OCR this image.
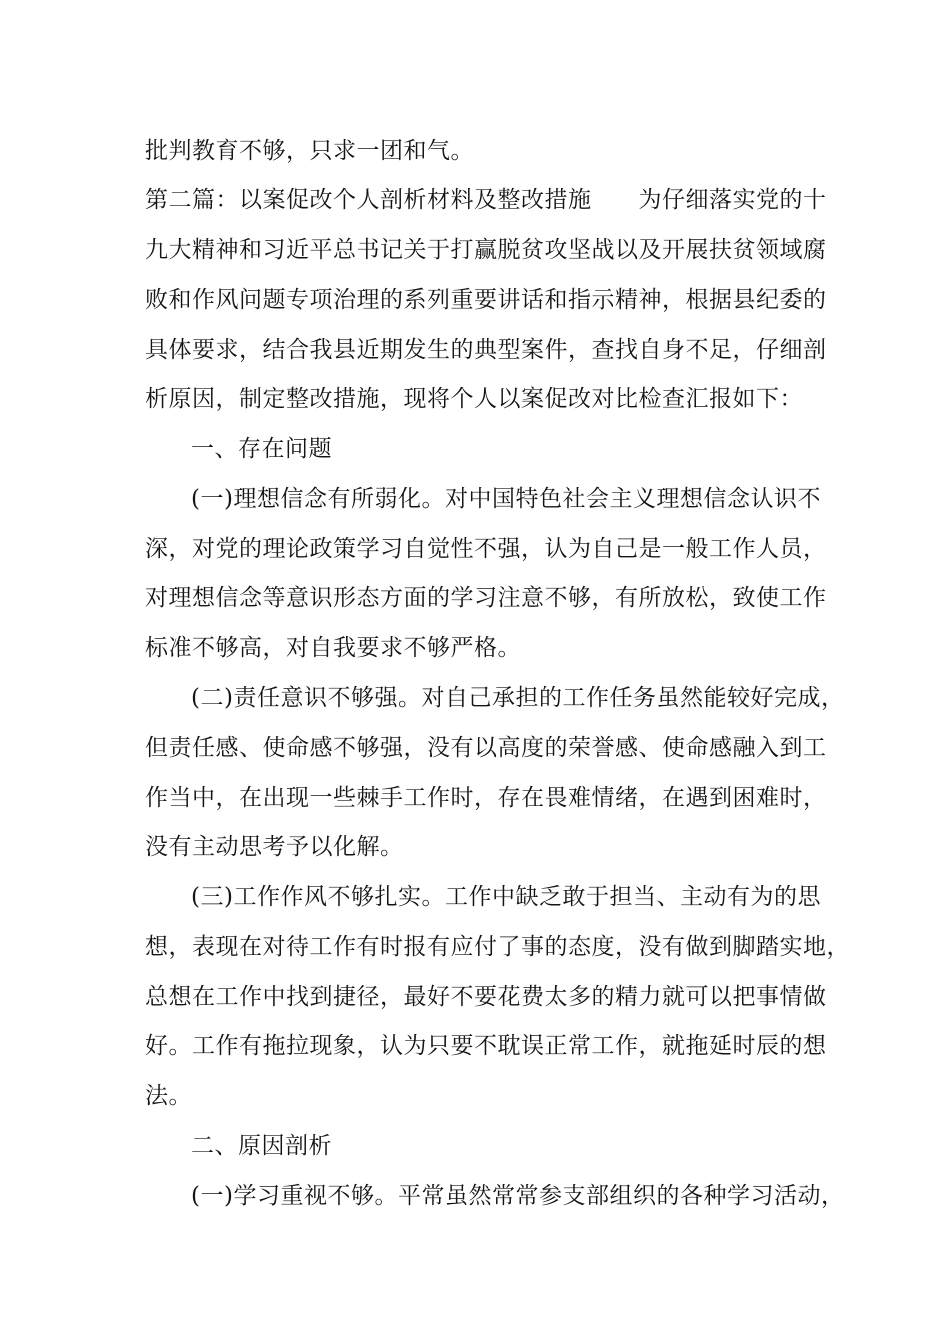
批判教育不够，只求一团和气。
第二篇：以案促改个人剖析材料及整改措施　　为仔细落实党的十
九大精神和习近平总书记关于打赢脱贫攻坚战以及开展扶贫领域腐
败和作风问题专项治理的系列重要讲话和指示精神，根据县纪委的
具体要求，结合我县近期发生的典型案件，查找自身不足，仔细剖
析原因，制定整改措施，现将个人以案促改对比检查汇报如下：
一、存在问题
(一)理想信念有所弱化。对中国特色社会主义理想信念认识不
深，对党的理论政策学习自觉性不强，认为自己是一般工作人员，
对理想信念等意识形态方面的学习注意不够，有所放松，致使工作
标准不够高，对自我要求不够严格。
(二)责任意识不够强。对自己承担的工作任务虽然能较好完成，
但责任感、使命感不够强，没有以高度的荣誉感、使命感融入到工
作当中，在出现一些棘手工作时，存在畏难情绪，在遇到困难时，
没有主动思考予以化解。
(三)工作作风不够扎实。工作中缺乏敢于担当、主动有为的思
想，表现在对待工作有时报有应付了事的态度，没有做到脚踏实地，
总想在工作中找到捷径，最好不要花费太多的精力就可以把事情做
好。工作有拖拉现象，认为只要不耽误正常工作，就拖延时辰的想
法。
二、原因剖析
(一)学习重视不够。平常虽然常常参支部组织的各种学习活动，
